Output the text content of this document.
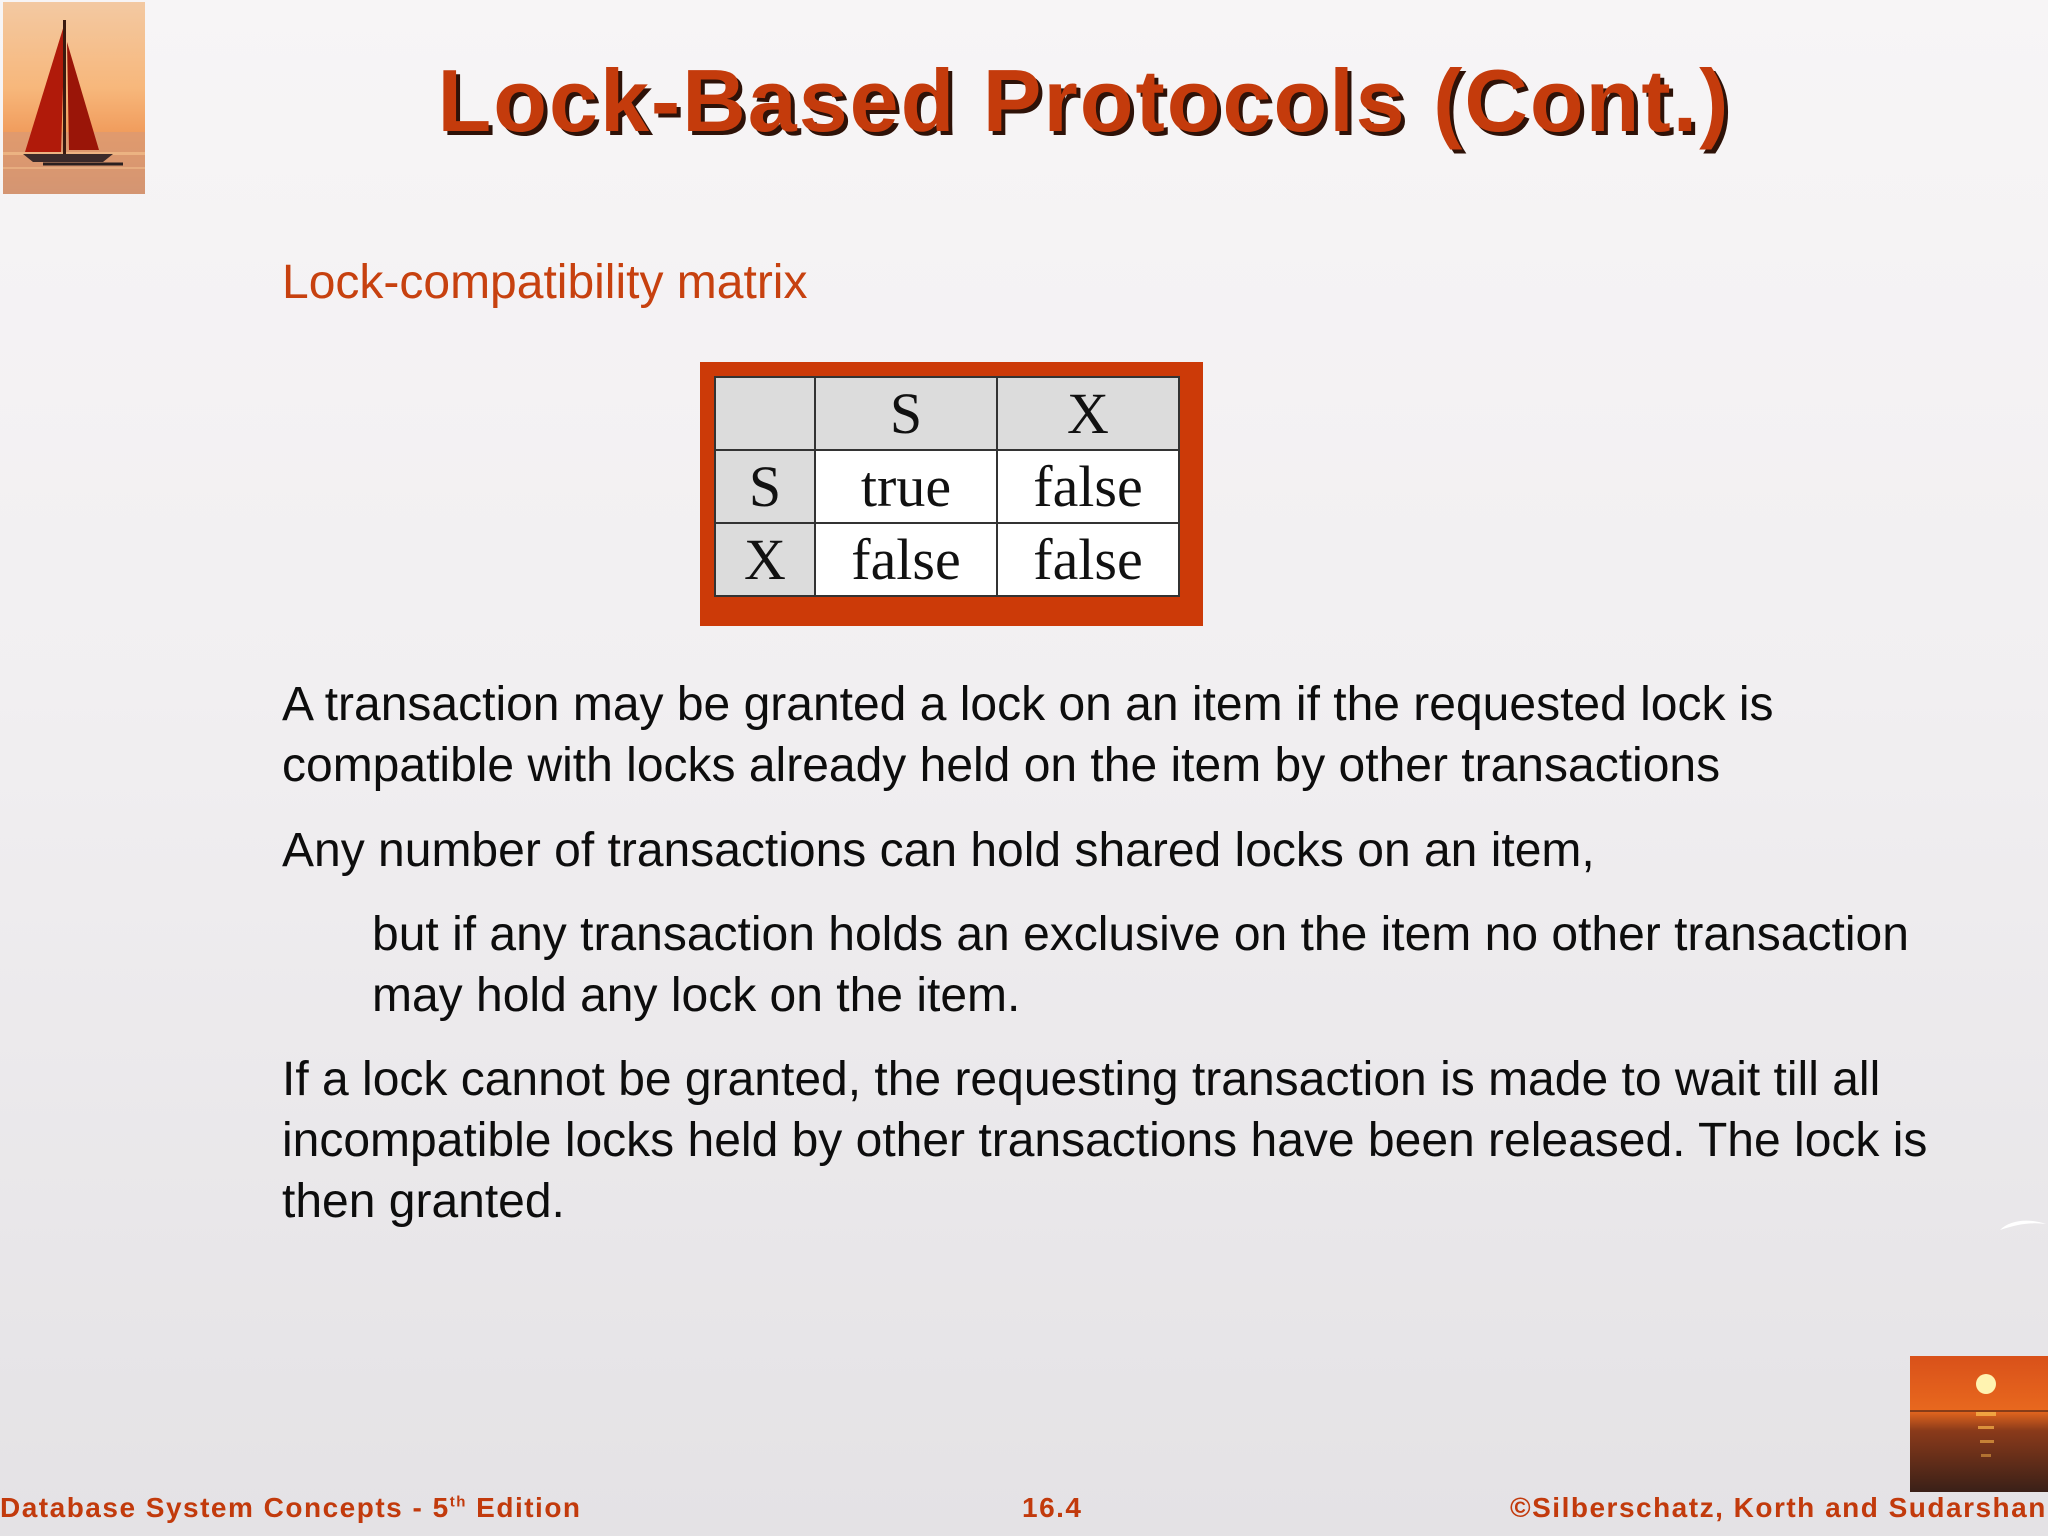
Lock-Based Protocols (Cont.)
Lock-compatibility matrix
	S	X
S	true	false
X	false	false
A transaction may be granted a lock on an item if the requested lock is compatible with locks already held on the item by other transactions
Any number of transactions can hold shared locks on an item,
but if any transaction holds an exclusive on the item no other transaction may hold any lock on the item.
If a lock cannot be granted, the requesting transaction is made to wait till all incompatible locks held by other transactions have been released. The lock is then granted.
Database System Concepts - 5th Edition	16.4	©Silberschatz, Korth and Sudarshan
